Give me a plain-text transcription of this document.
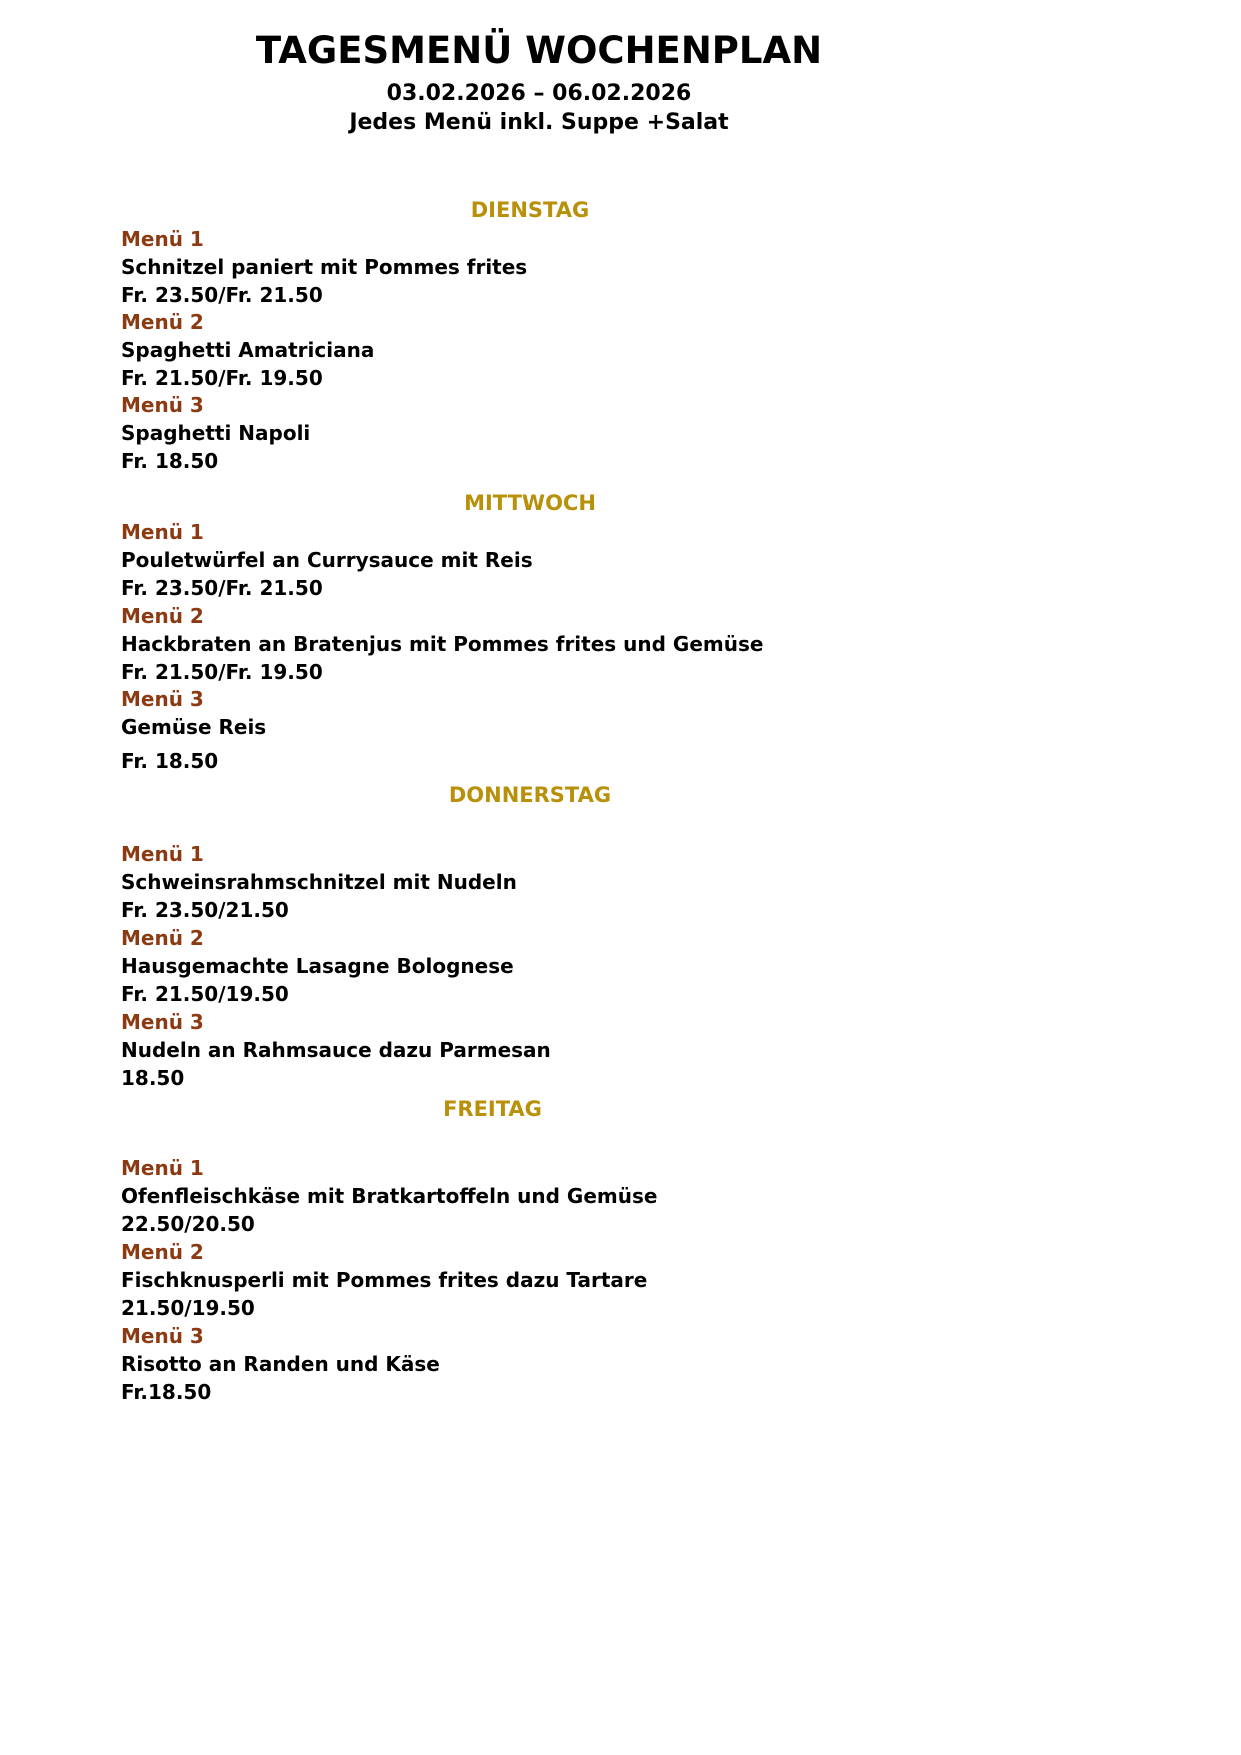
TAGESMENÜ WOCHENPLAN
03.02.2026 – 06.02.2026
Jedes Menü inkl. Suppe +Salat
DIENSTAG
Menü 1
Schnitzel paniert mit Pommes frites
Fr. 23.50/Fr. 21.50
Menü 2
Spaghetti Amatriciana
Fr. 21.50/Fr. 19.50
Menü 3
Spaghetti Napoli
Fr. 18.50
MITTWOCH
Menü 1
Pouletwürfel an Currysauce mit Reis
Fr. 23.50/Fr. 21.50
Menü 2
Hackbraten an Bratenjus mit Pommes frites und Gemüse
Fr. 21.50/Fr. 19.50
Menü 3
Gemüse Reis
Fr. 18.50
DONNERSTAG
Menü 1
Schweinsrahmschnitzel mit Nudeln
Fr. 23.50/21.50
Menü 2
Hausgemachte Lasagne Bolognese
Fr. 21.50/19.50
Menü 3
Nudeln an Rahmsauce dazu Parmesan
18.50
FREITAG
Menü 1
Ofenfleischkäse mit Bratkartoffeln und Gemüse
22.50/20.50
Menü 2
Fischknusperli mit Pommes frites dazu Tartare
21.50/19.50
Menü 3
Risotto an Randen und Käse
Fr.18.50
